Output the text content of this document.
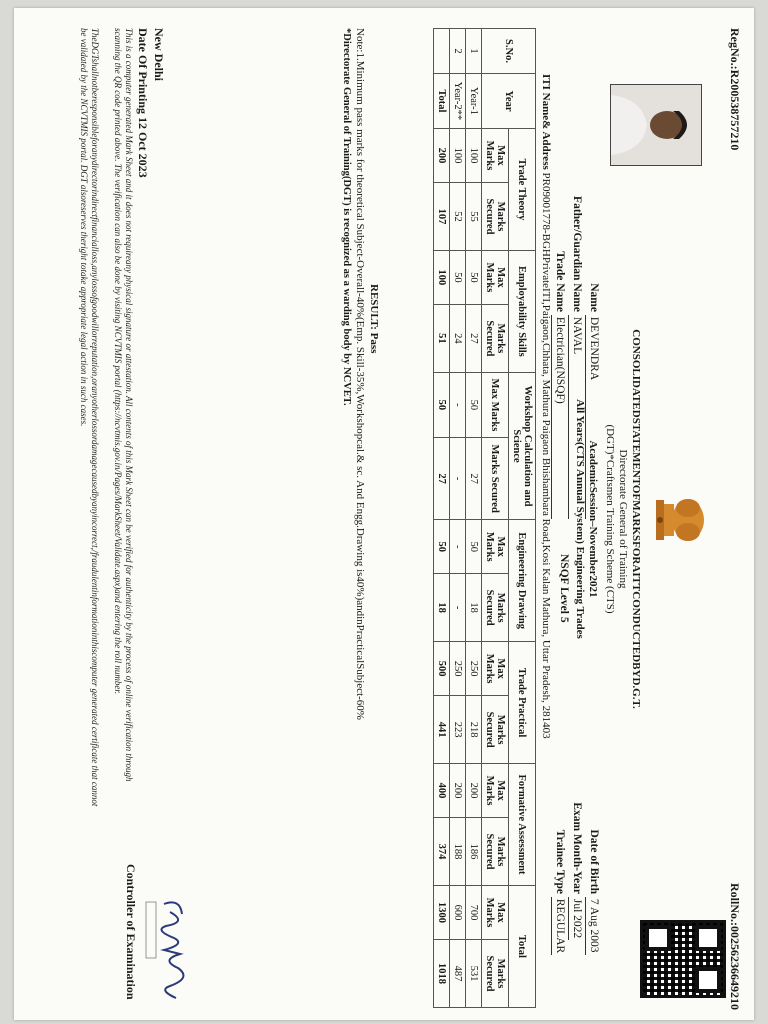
RegNo.:R20053875721​0
RollNo.:00256236649210
CONSOLIDATEDSTATEMENTOFMARKSFORAITTCONDUCTEDBYD.G.T.
Directorate General of Training
(DGT)*Craftsmen Training Scheme (CTS)
AcademicSession–November2021
All Years(CTS Annual System) Engineering Trades
Name DEVENDRA
Father/Guardian Name NAVAL
Trade Name Electrician(NSQF)
NSQF Level 5
Date of Birth 7 Aug 2003
Exam Month-Year Jul 2022
Trainee Type REGULAR
ITI Name& Address PR09001778-BGHPrivateITI,Paigaon,Chhata, Mathura Paigaon Bhishambara Road,Kosi Kalan Mathura, Uttar Pradesh, 281403
S.No.	Year	Trade Theory		Employability Skills		Workshop Calculation and Science		Engineering Drawing		Trade Practical		Formative Assessment		Total	
		Max Marks	Marks Secured	Max Marks	Marks Secured	Max Marks	Marks Secured	Max Marks	Marks Secured	Max Marks	Marks Secured	Max Marks	Marks Secured	Max Marks	Marks Secured
1	Year-1	100	55	50	27	50	27	50	18	250	218	200	186	700	531
2	Year-2**	100	52	50	24	-	-	-	-	250	223	200	188	600	487
	Total	200	107	100	51	50	27	50	18	500	441	400	374	1300	1018
RESULT: Pass
Note:1.Minimum pass marks for theoretical Subject-Overall-40%(Emp. Skill-35%,Workshopcal.& sc. And Engg.Drawing is40%)andinPracticalSubject-60%
*Directorate General of Training(DGT) is recognized as a warding body by NCVET.
New Delhi
Date Of Printing 12 Oct 2023
This is a computer generated Mark Sheet and it does not requireany physical signature or attestation. All contents of this Mark Sheet can be verified for authenticity by the process of online verification through scanning the QR code printed above. The verification can also be done by visiting NCVTMIS portal (https://ncvtmis.gov.in/Pages/MarkSheet/Validate.aspx)and entering the roll number.
TheDGTshallnotberesponsibleforanydirectorindirectfinancialloss,anylossofgoodwillorreputation,oranyotherlossordamagecausedbyanyincorrect,/fraudulentinformationinthiscomputer generated certificate that cannot be validated by the NCVTMIS portal. DGT alsoreserves theright totake appropriate legal action in such cases.
Controller of Examination
